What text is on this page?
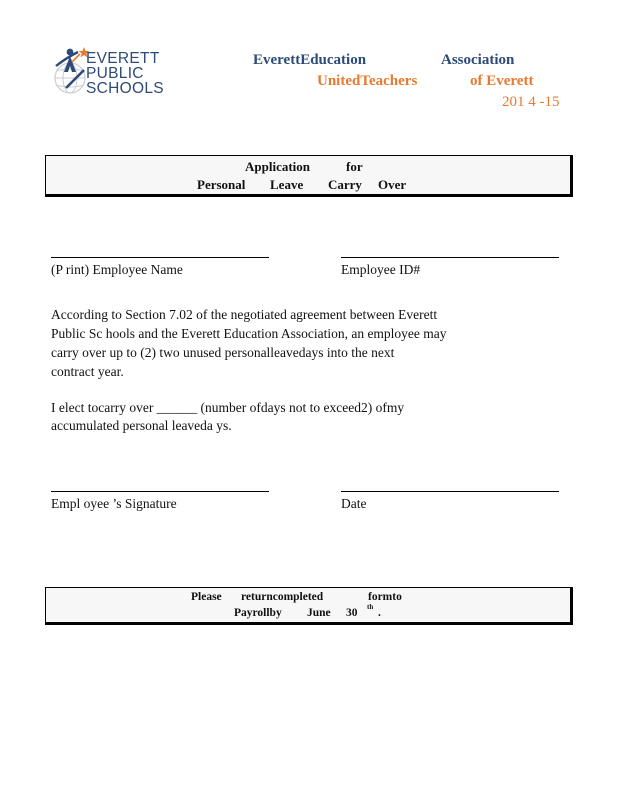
EVERETT
PUBLIC
SCHOOLS
EverettEducation	Association
UnitedTeachers	of Everett
201 4 -15
Application	for
Personal Leave Carry Over
(P rint) Employee Name	Employee ID#
According to Section 7.02 of the negotiated agreement between Everett
Public Sc hools and the Everett Education Association, an employee may
carry over up to (2) two unused personalleavedays into the next
contract year.
I elect tocarry over ______ (number ofdays not to exceed2) ofmy
accumulated personal leaveda ys.
Empl oyee ’s Signature	Date
Please returncompleted	formto
Payrollby June 30 th .
